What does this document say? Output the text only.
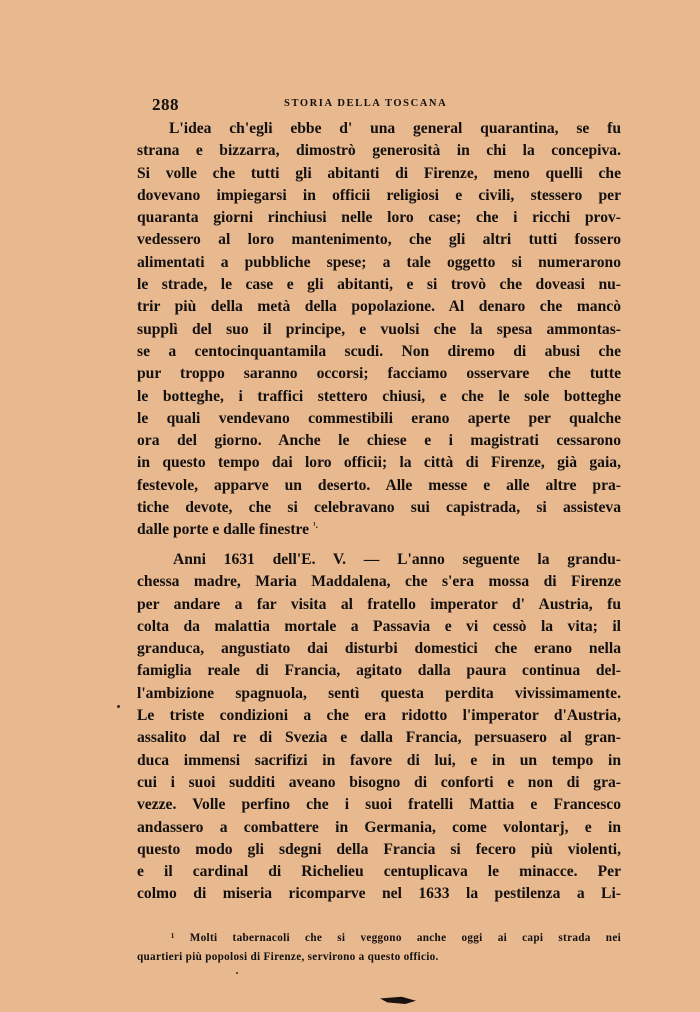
288	STORIA DELLA TOSCANA
L'idea ch'egli ebbe d' una general quarantina, se fu
strana e bizzarra, dimostrò generosità in chi la concepiva.
Si volle che tutti gli abitanti di Firenze, meno quelli che
dovevano impiegarsi in officii religiosi e civili, stessero per
quaranta giorni rinchiusi nelle loro case; che i ricchi prov-
vedessero al loro mantenimento, che gli altri tutti fossero
alimentati a pubbliche spese; a tale oggetto si numerarono
le strade, le case e gli abitanti, e si trovò che doveasi nu-
trir più della metà della popolazione. Al denaro che mancò
supplì del suo il principe, e vuolsi che la spesa ammontas-
se a centocinquantamila scudi. Non diremo di abusi che
pur troppo saranno occorsi; facciamo osservare che tutte
le botteghe, i traffici stettero chiusi, e che le sole botteghe
le quali vendevano commestibili erano aperte per qualche
ora del giorno. Anche le chiese e i magistrati cessarono
in questo tempo dai loro officii; la città di Firenze, già gaia,
festevole, apparve un deserto. Alle messe e alle altre pra-
tiche devote, che si celebravano sui capistrada, si assisteva
dalle porte e dalle finestre $^{^1.}$
Anni 1631 dell'E. V. — L'anno seguente la grandu-
chessa madre, Maria Maddalena, che s'era mossa di Firenze
per andare a far visita al fratello imperator d' Austria, fu
colta da malattia mortale a Passavia e vi cessò la vita; il
granduca, angustiato dai disturbi domestici che erano nella
famiglia reale di Francia, agitato dalla paura continua del-
l'ambizione spagnuola, sentì questa perdita vivissimamente.
Le triste condizioni a che era ridotto l'imperator d'Austria,
assalito dal re di Svezia e dalla Francia, persuasero al gran-
duca immensi sacrifizi in favore di lui, e in un tempo in
cui i suoi sudditi aveano bisogno di conforti e non di gra-
vezze. Volle perfino che i suoi fratelli Mattia e Francesco
andassero a combattere in Germania, come volontarj, e in
questo modo gli sdegni della Francia si fecero più violenti,
e il cardinal di Richelieu centuplicava le minacce. Per
colmo di miseria ricomparve nel 1633 la pestilenza a Li-
¹ Molti tabernacoli che si veggono anche oggi ai capi strada nei
quartieri più popolosi di Firenze, servirono a questo officio.
